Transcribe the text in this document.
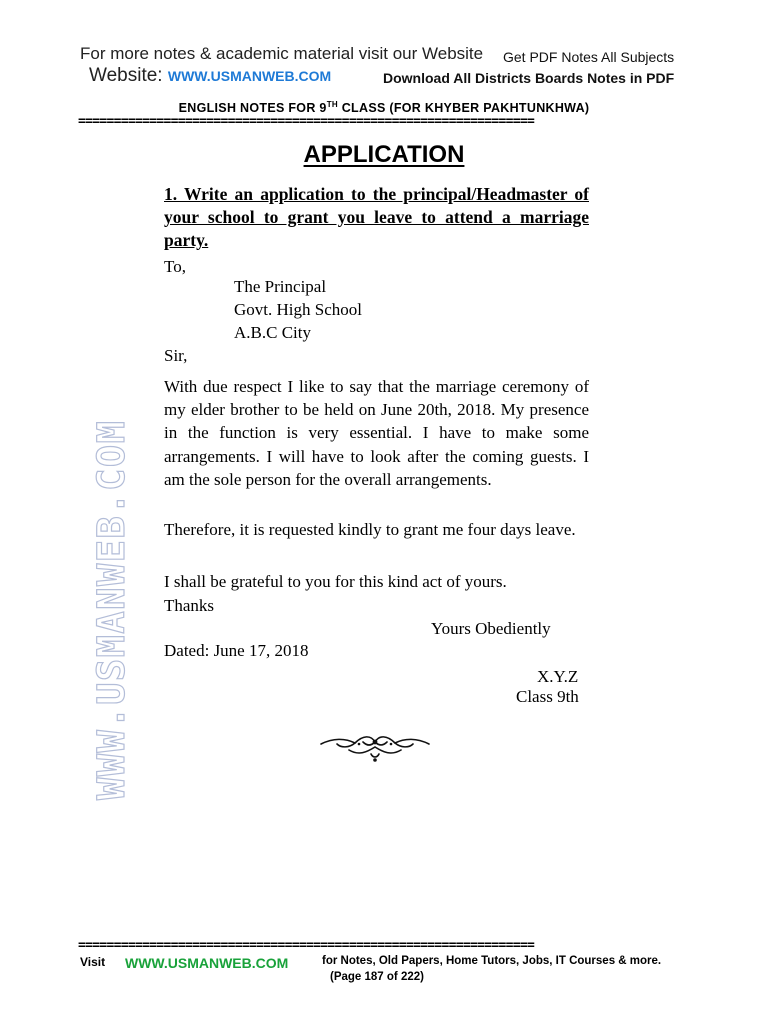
For more notes & academic material visit our Website Get PDF Notes All Subjects
Website: WWW.USMANWEB.COM	Download All Districts Boards Notes in PDF
ENGLISH NOTES FOR 9TH CLASS (FOR KHYBER PAKHTUNKHWA)
================================================================
WWW.USMANWEB.COM
APPLICATION
1. Write an application to the principal/Headmaster of your school to grant you leave to attend a marriage party.
To,
The Principal
Govt. High School
A.B.C City
Sir,
With due respect I like to say that the marriage ceremony of my elder brother to be held on June 20th, 2018. My presence in the function is very essential. I have to make some arrangements. I will have to look after the coming guests. I am the sole person for the overall arrangements.
Therefore, it is requested kindly to grant me four days leave.
I shall be grateful to you for this kind act of yours.
Thanks
Yours Obediently
Dated: June 17, 2018
X.Y.Z
Class 9th
================================================================
Visit WWW.USMANWEB.COM	for Notes, Old Papers, Home Tutors, Jobs, IT Courses & more.
(Page 187 of 222)
